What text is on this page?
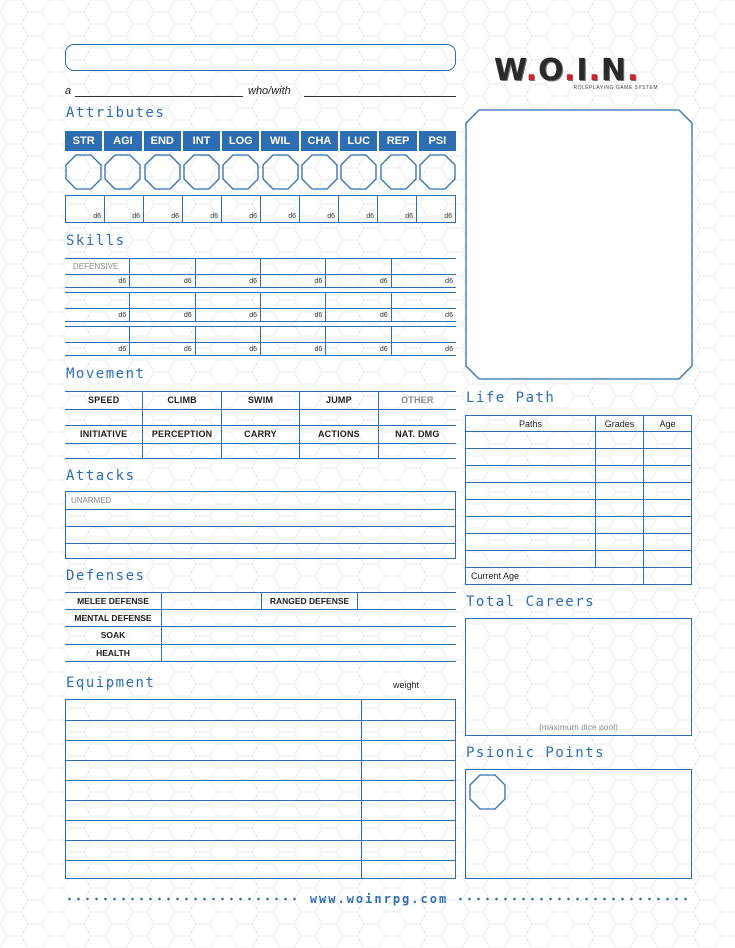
a	who/with
W.O.I.N.
ROLEPLAYING GAME SYSTEM
Attributes
STR	AGI	END	INT	LOG	WIL	CHA	LUC	REP	PSI
d6	d6	d6	d6	d6	d6	d6	d6	d6	d6
Skills
DEFENSIVE
d6	d6	d6	d6	d6	d6
d6	d6	d6	d6	d6	d6
d6	d6	d6	d6	d6	d6
Movement
SPEED	CLIMB	SWIM	JUMP	OTHER
INITIATIVE	PERCEPTION	CARRY	ACTIONS	NAT. DMG
Attacks
UNARMED
Defenses
MELEE DEFENSE	RANGED DEFENSE
MENTAL DEFENSE
SOAK
HEALTH
Equipment	weight
Life Path
Paths	Grades	Age
Current Age
Total Careers
(maximum dice pool)
Psionic Points
www.woinrpg.com
